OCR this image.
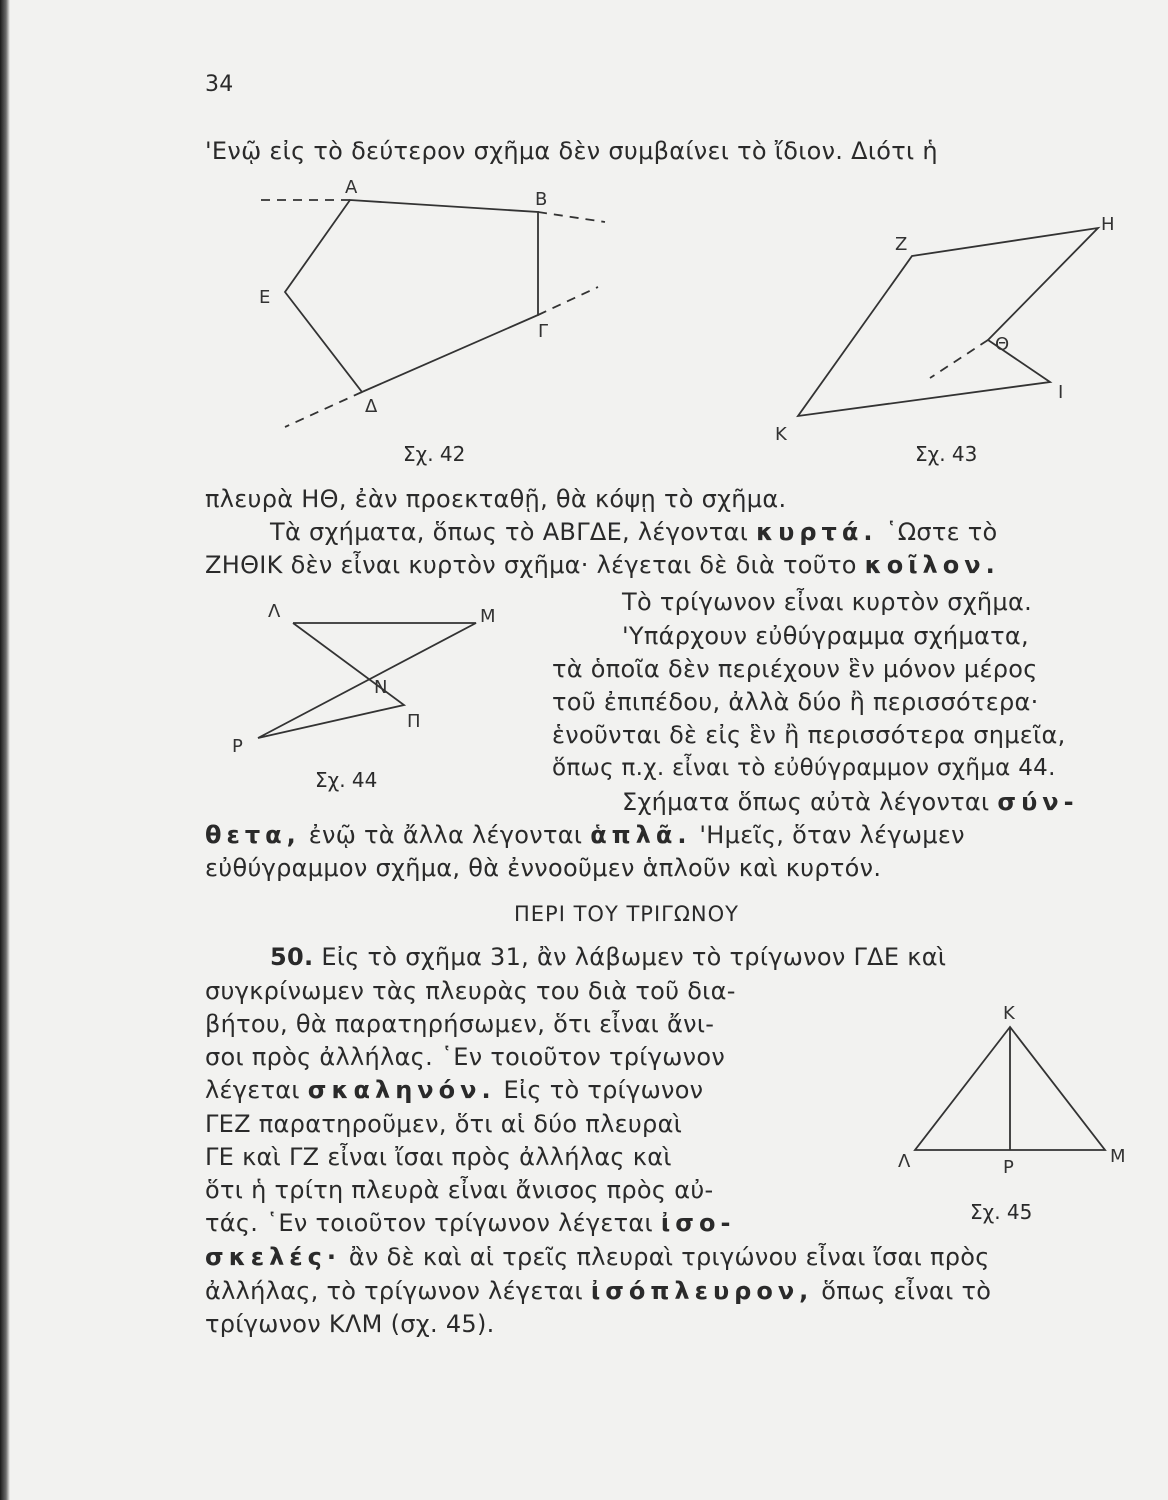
34
'Ενῷ εἰς τὸ δεύτερον σχῆμα δὲν συμβαίνει τὸ ἴδιον. Διότι ἡ
Α
Β
Γ
Δ
Ε
Ζ
Η
Θ
Ι
Κ
Λ	Μ
Ν
Π
Ρ
Κ
Λ	Ρ
Μ
Σχ. 42	Σχ. 43
Σχ. 44
Σχ. 45
πλευρὰ ΗΘ, ἐὰν προεκταθῇ, θὰ κόψῃ τὸ σχῆμα.
Τὰ σχήματα, ὅπως τὸ ΑΒΓΔΕ, λέγονται κυρτά. ῾Ωστε τὸ
ΖΗΘΙΚ δὲν εἶναι κυρτὸν σχῆμα· λέγεται δὲ διὰ τοῦτο κοῖλον.
Τὸ τρίγωνον εἶναι κυρτὸν σχῆμα.
'Υπάρχουν εὐθύγραμμα σχήματα,
τὰ ὁποῖα δὲν περιέχουν ἓν μόνον μέρος
τοῦ ἐπιπέδου, ἀλλὰ δύο ἢ περισσότερα·
ἑνοῦνται δὲ εἰς ἓν ἢ περισσότερα σημεῖα,
ὅπως π.χ. εἶναι τὸ εὐθύγραμμον σχῆμα 44.
Σχήματα ὅπως αὐτὰ λέγονται σύν-
θετα, ἐνῷ τὰ ἄλλα λέγονται ἁπλᾶ. 'Ημεῖς, ὅταν λέγωμεν
εὐθύγραμμον σχῆμα, θὰ ἐννοοῦμεν ἁπλοῦν καὶ κυρτόν.
ΠΕΡΙ ΤΟΥ ΤΡΙΓΩΝΟΥ
50. Εἰς τὸ σχῆμα 31, ἂν λάβωμεν τὸ τρίγωνον ΓΔΕ καὶ
συγκρίνωμεν τὰς πλευρὰς του διὰ τοῦ δια-
βήτου, θὰ παρατηρήσωμεν, ὅτι εἶναι ἄνι-
σοι πρὸς ἀλλήλας. ῾Εν τοιοῦτον τρίγωνον
λέγεται σκαληνόν. Εἰς τὸ τρίγωνον
ΓΕΖ παρατηροῦμεν, ὅτι αἱ δύο πλευραὶ
ΓΕ καὶ ΓΖ εἶναι ἴσαι πρὸς ἀλλήλας καὶ
ὅτι ἡ τρίτη πλευρὰ εἶναι ἄνισος πρὸς αὐ-
τάς. ῾Εν τοιοῦτον τρίγωνον λέγεται ἰσο-
σκελές· ἂν δὲ καὶ αἱ τρεῖς πλευραὶ τριγώνου εἶναι ἴσαι πρὸς
ἀλλήλας, τὸ τρίγωνον λέγεται ἰσόπλευρον, ὅπως εἶναι τὸ
τρίγωνον ΚΛΜ (σχ. 45).
